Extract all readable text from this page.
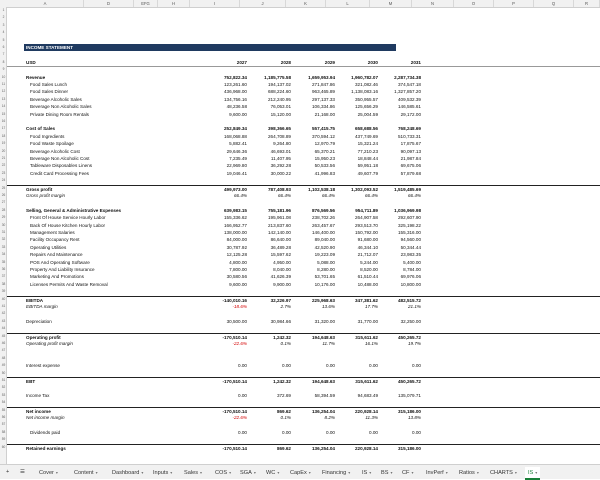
A	D	EFG	H	I	J	K	L	M	N	O	P	Q	R
1
2
3
4
5
6
7
8
9
10
11
12
13
14
15
16
17
18
19
20
21
22
23
24
25
26
27
28
29
30
31
32
33
34
35
36
37
38
39
40
41
42
43
44
45
46
47
48
49
50
51
52
53
54
55
56
57
58
59
60
INCOME STATEMENT
USD	2027	2028	2029	2030	2031
Revenue	752,822.34	1,185,775.58	1,659,953.94	1,960,782.07	2,287,734.38
Food Sales Lunch	123,261.60	194,137.02	271,847.86	321,082.46	374,547.18
Food Sales Dinner	436,968.00	688,224.60	963,465.89	1,138,083.16	1,327,857.20
Beverage Alcoholic Sales	134,756.16	212,240.95	297,137.33	350,955.57	409,532.39
Beverage Non Alcoholic Sales	48,236.58	76,053.01	106,334.86	125,656.29	146,585.61
Private Dining Room Rentals	9,600.00	15,120.00	21,168.00	25,004.59	29,172.00
Cost of Sales	252,849.34	398,366.65	557,415.75	658,688.56	768,248.69
Food Ingredients	168,068.88	264,708.89	370,594.12	437,749.69	510,733.31
Food Waste Spoilage	5,882.41	9,264.80	12,970.79	15,321.24	17,875.67
Beverage Alcoholic Cost	29,646.36	46,693.01	65,370.21	77,210.23	90,097.13
Beverage Non Alcoholic Cost	7,235.49	11,407.95	15,950.23	18,848.44	21,987.84
Tableware Disposables Linens	22,969.80	36,292.28	50,533.56	59,951.18	69,675.06
Credit Card Processing Fees	19,046.41	30,000.22	41,996.83	49,607.79	57,879.68
Gross profit	499,973.00	787,408.93	1,102,538.18	1,302,093.52	1,519,485.69
Gross profit margin	66.4%	66.4%	66.4%	66.4%	66.4%
Selling, General & Administrative Expenses	639,983.15	755,181.96	876,569.56	954,711.89	1,036,969.98
Front Of House Service Hourly Labor	155,336.62	195,961.08	238,702.26	264,907.58	292,607.90
Back Of House Kitchen Hourly Labor	166,952.77	213,837.60	263,457.67	293,513.70	325,198.22
Management Salaries	138,000.00	142,140.00	146,400.00	150,792.00	155,316.00
Facility Occupancy Rent	84,000.00	86,640.00	89,040.00	91,680.00	94,560.00
Operating Utilities	30,787.92	36,489.28	42,520.90	46,344.10	50,344.44
Repairs And Maintenance	12,125.28	15,597.62	19,223.09	21,712.07	23,983.35
POS And Operating Software	4,800.00	4,950.00	5,088.00	5,244.00	5,400.00
Property And Liability Insurance	7,800.00	8,040.00	8,280.00	8,520.00	8,784.00
Marketing And Promotions	30,580.56	41,626.39	53,701.65	61,510.44	69,976.06
Licenses Permits And Waste Removal	9,600.00	9,900.00	10,176.00	10,488.00	10,800.00
EBITDA	-140,010.16	32,226.97	225,968.63	347,381.62	482,515.72
EBITDA margin	-18.6%	2.7%	13.6%	17.7%	21.1%
Depreciation	30,500.00	30,984.66	31,320.00	31,770.00	32,250.00
Operating profit	-170,510.14	1,242.32	194,648.63	315,611.62	450,265.72
Operating profit margin	-22.6%	0.1%	11.7%	16.1%	19.7%
Interest expense	0.00	0.00	0.00	0.00	0.00
EBT	-170,510.14	1,242.32	194,648.63	315,611.62	450,265.72
Income Tax	0.00	372.69	58,394.59	94,683.49	135,079.71
Net income	-170,510.14	869.62	136,254.04	220,928.14	315,186.00
Net income margin	-22.6%	0.1%	8.2%	11.3%	13.8%
Dividends paid	0.00	0.00	0.00	0.00	0.00
Retained earnings	-170,510.14	869.62	136,254.04	220,928.14	315,186.00
+ ☰ Cover ▾	Content ▾	Dashboard ▾ Inputs ▾ Sales ▾ COS ▾ SGA ▾ WC ▾ CapEx ▾ Financing ▾ IS ▾ BS ▾ CF ▾ InvPerf ▾ Ratios ▾ CHARTS ▾	IS ▾
